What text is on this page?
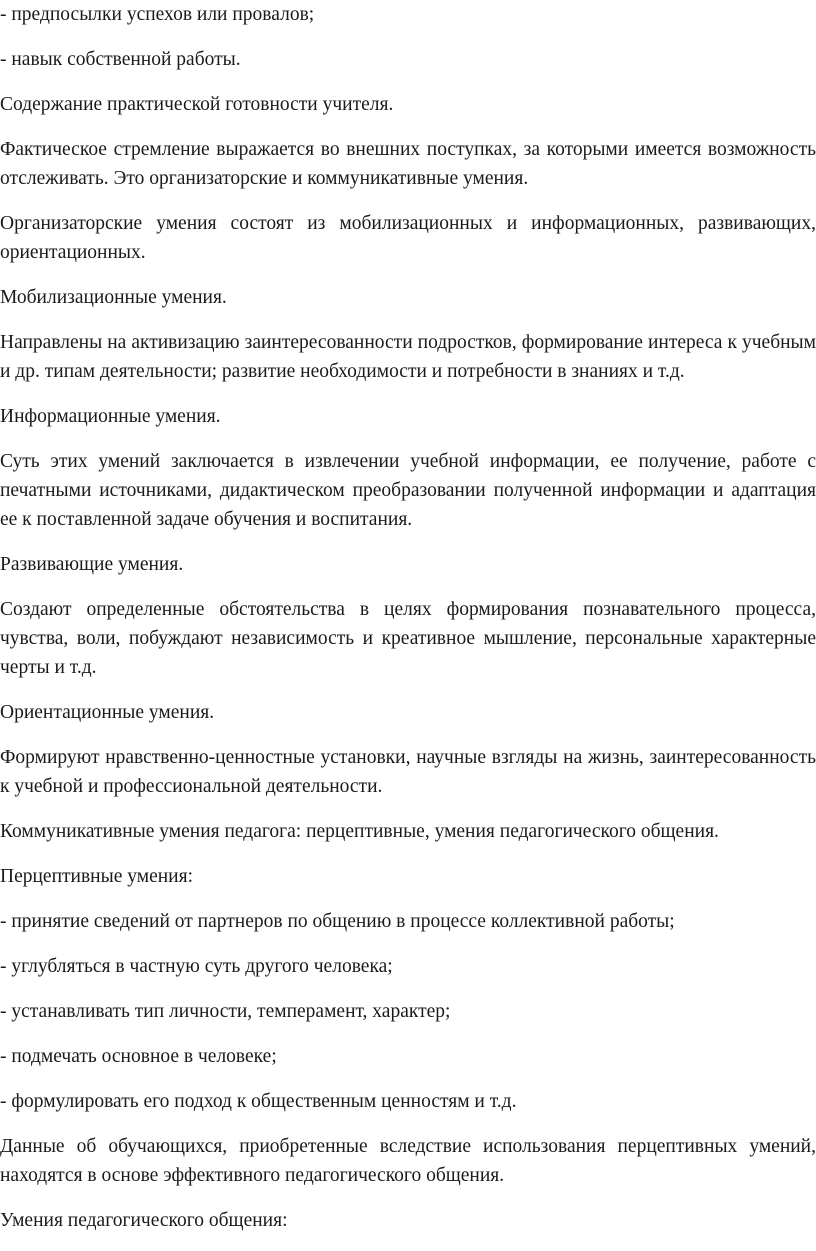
- предпосылки успехов или провалов;

- навык собственной работы.

Содержание практической готовности учителя.

Фактическое стремление выражается во внешних поступках, за которыми имеется возможность отслеживать. Это организаторские и коммуникативные умения.

Организаторские умения состоят из мобилизационных и информационных, развивающих, ориентационных.

Мобилизационные умения.

Направлены на активизацию заинтересованности подростков, формирование интереса к учебным и др. типам деятельности; развитие необходимости и потребности в знаниях и т.д.

Информационные умения.

Суть этих умений заключается в извлечении учебной информации, ее получение, работе с печатными источниками, дидактическом преобразовании полученной информации и адаптация ее к поставленной задаче обучения и воспитания.

Развивающие умения.

Создают определенные обстоятельства в целях формирования познавательного процесса, чувства, воли, побуждают независимость и креативное мышление, персональные характерные черты и т.д.

Ориентационные умения.

Формируют нравственно-ценностные установки, научные взгляды на жизнь, заинтересованность к учебной и профессиональной деятельности.

Коммуникативные умения педагога: перцептивные, умения педагогического общения.

Перцептивные умения:

- принятие сведений от партнеров по общению в процессе коллективной работы;

- углубляться в частную суть другого человека;

- устанавливать тип личности, темперамент, характер;

- подмечать основное в человеке;

- формулировать его подход к общественным ценностям и т.д.

Данные об обучающихся, приобретенные вследствие использования перцептивных умений, находятся в основе эффективного педагогического общения.

Умения педагогического общения:
